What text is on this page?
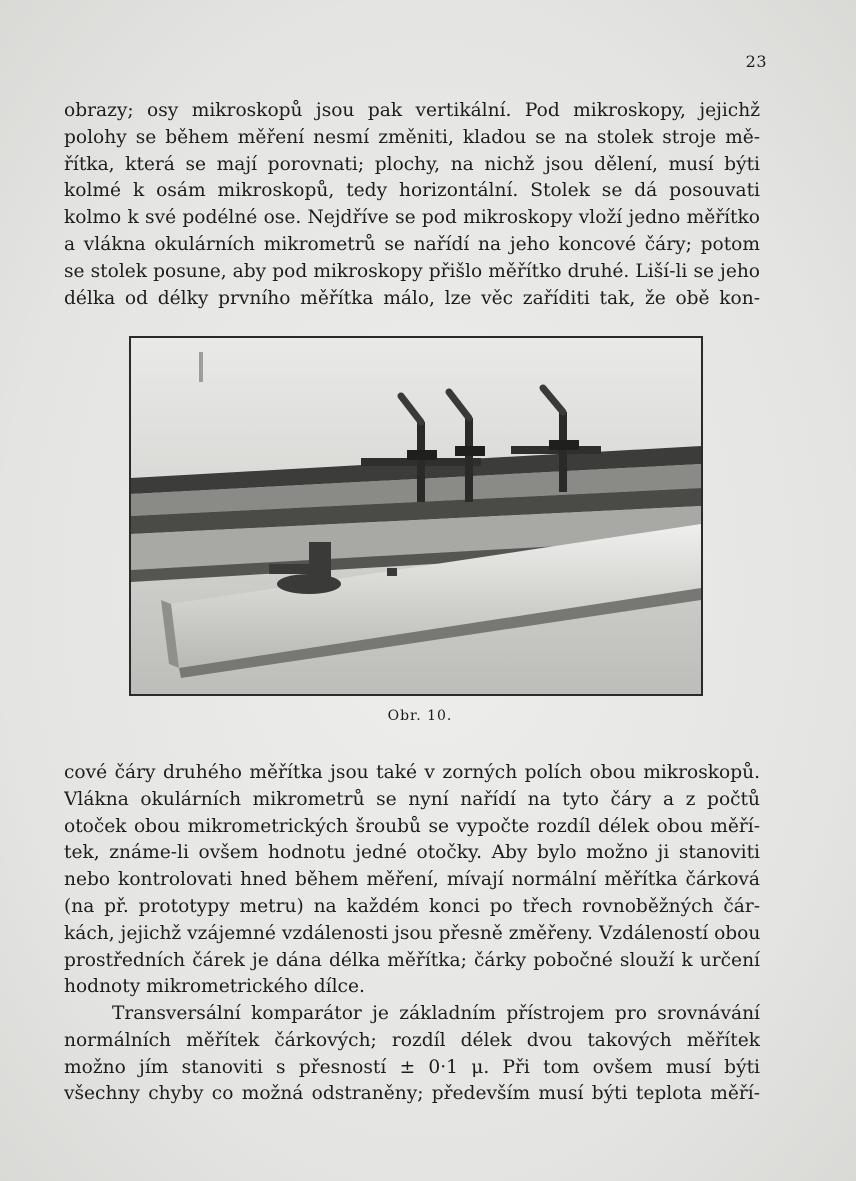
23
obrazy; osy mikroskopů jsou pak vertikální. Pod mikroskopy, jejichž
polohy se během měření nesmí změniti, kladou se na stolek stroje mě-
řítka, která se mají porovnati; plochy, na nichž jsou dělení, musí býti
kolmé k osám mikroskopů, tedy horizontální. Stolek se dá posouvati
kolmo k své podélné ose. Nejdříve se pod mikroskopy vloží jedno měřítko
a vlákna okulárních mikrometrů se nařídí na jeho koncové čáry; potom
se stolek posune, aby pod mikroskopy přišlo měřítko druhé. Liší-li se jeho
délka od délky prvního měřítka málo, lze věc zaříditi tak, že obě kon-
Obr. 10.
cové čáry druhého měřítka jsou také v zorných polích obou mikroskopů.
Vlákna okulárních mikrometrů se nyní nařídí na tyto čáry a z počtů
otoček obou mikrometrických šroubů se vypočte rozdíl délek obou měří-
tek, známe-li ovšem hodnotu jedné otočky. Aby bylo možno ji stanoviti
nebo kontrolovati hned během měření, mívají normální měřítka čárková
(na př. prototypy metru) na každém konci po třech rovnoběžných čár-
kách, jejichž vzájemné vzdálenosti jsou přesně změřeny. Vzdáleností obou
prostředních čárek je dána délka měřítka; čárky pobočné slouží k určení
hodnoty mikrometrického dílce.
Transversální komparátor je základním přístrojem pro srovnávání
normálních měřítek čárkových; rozdíl délek dvou takových měřítek
možno jím stanoviti s přesností ± 0·1 μ. Při tom ovšem musí býti
všechny chyby co možná odstraněny; především musí býti teplota měří-
